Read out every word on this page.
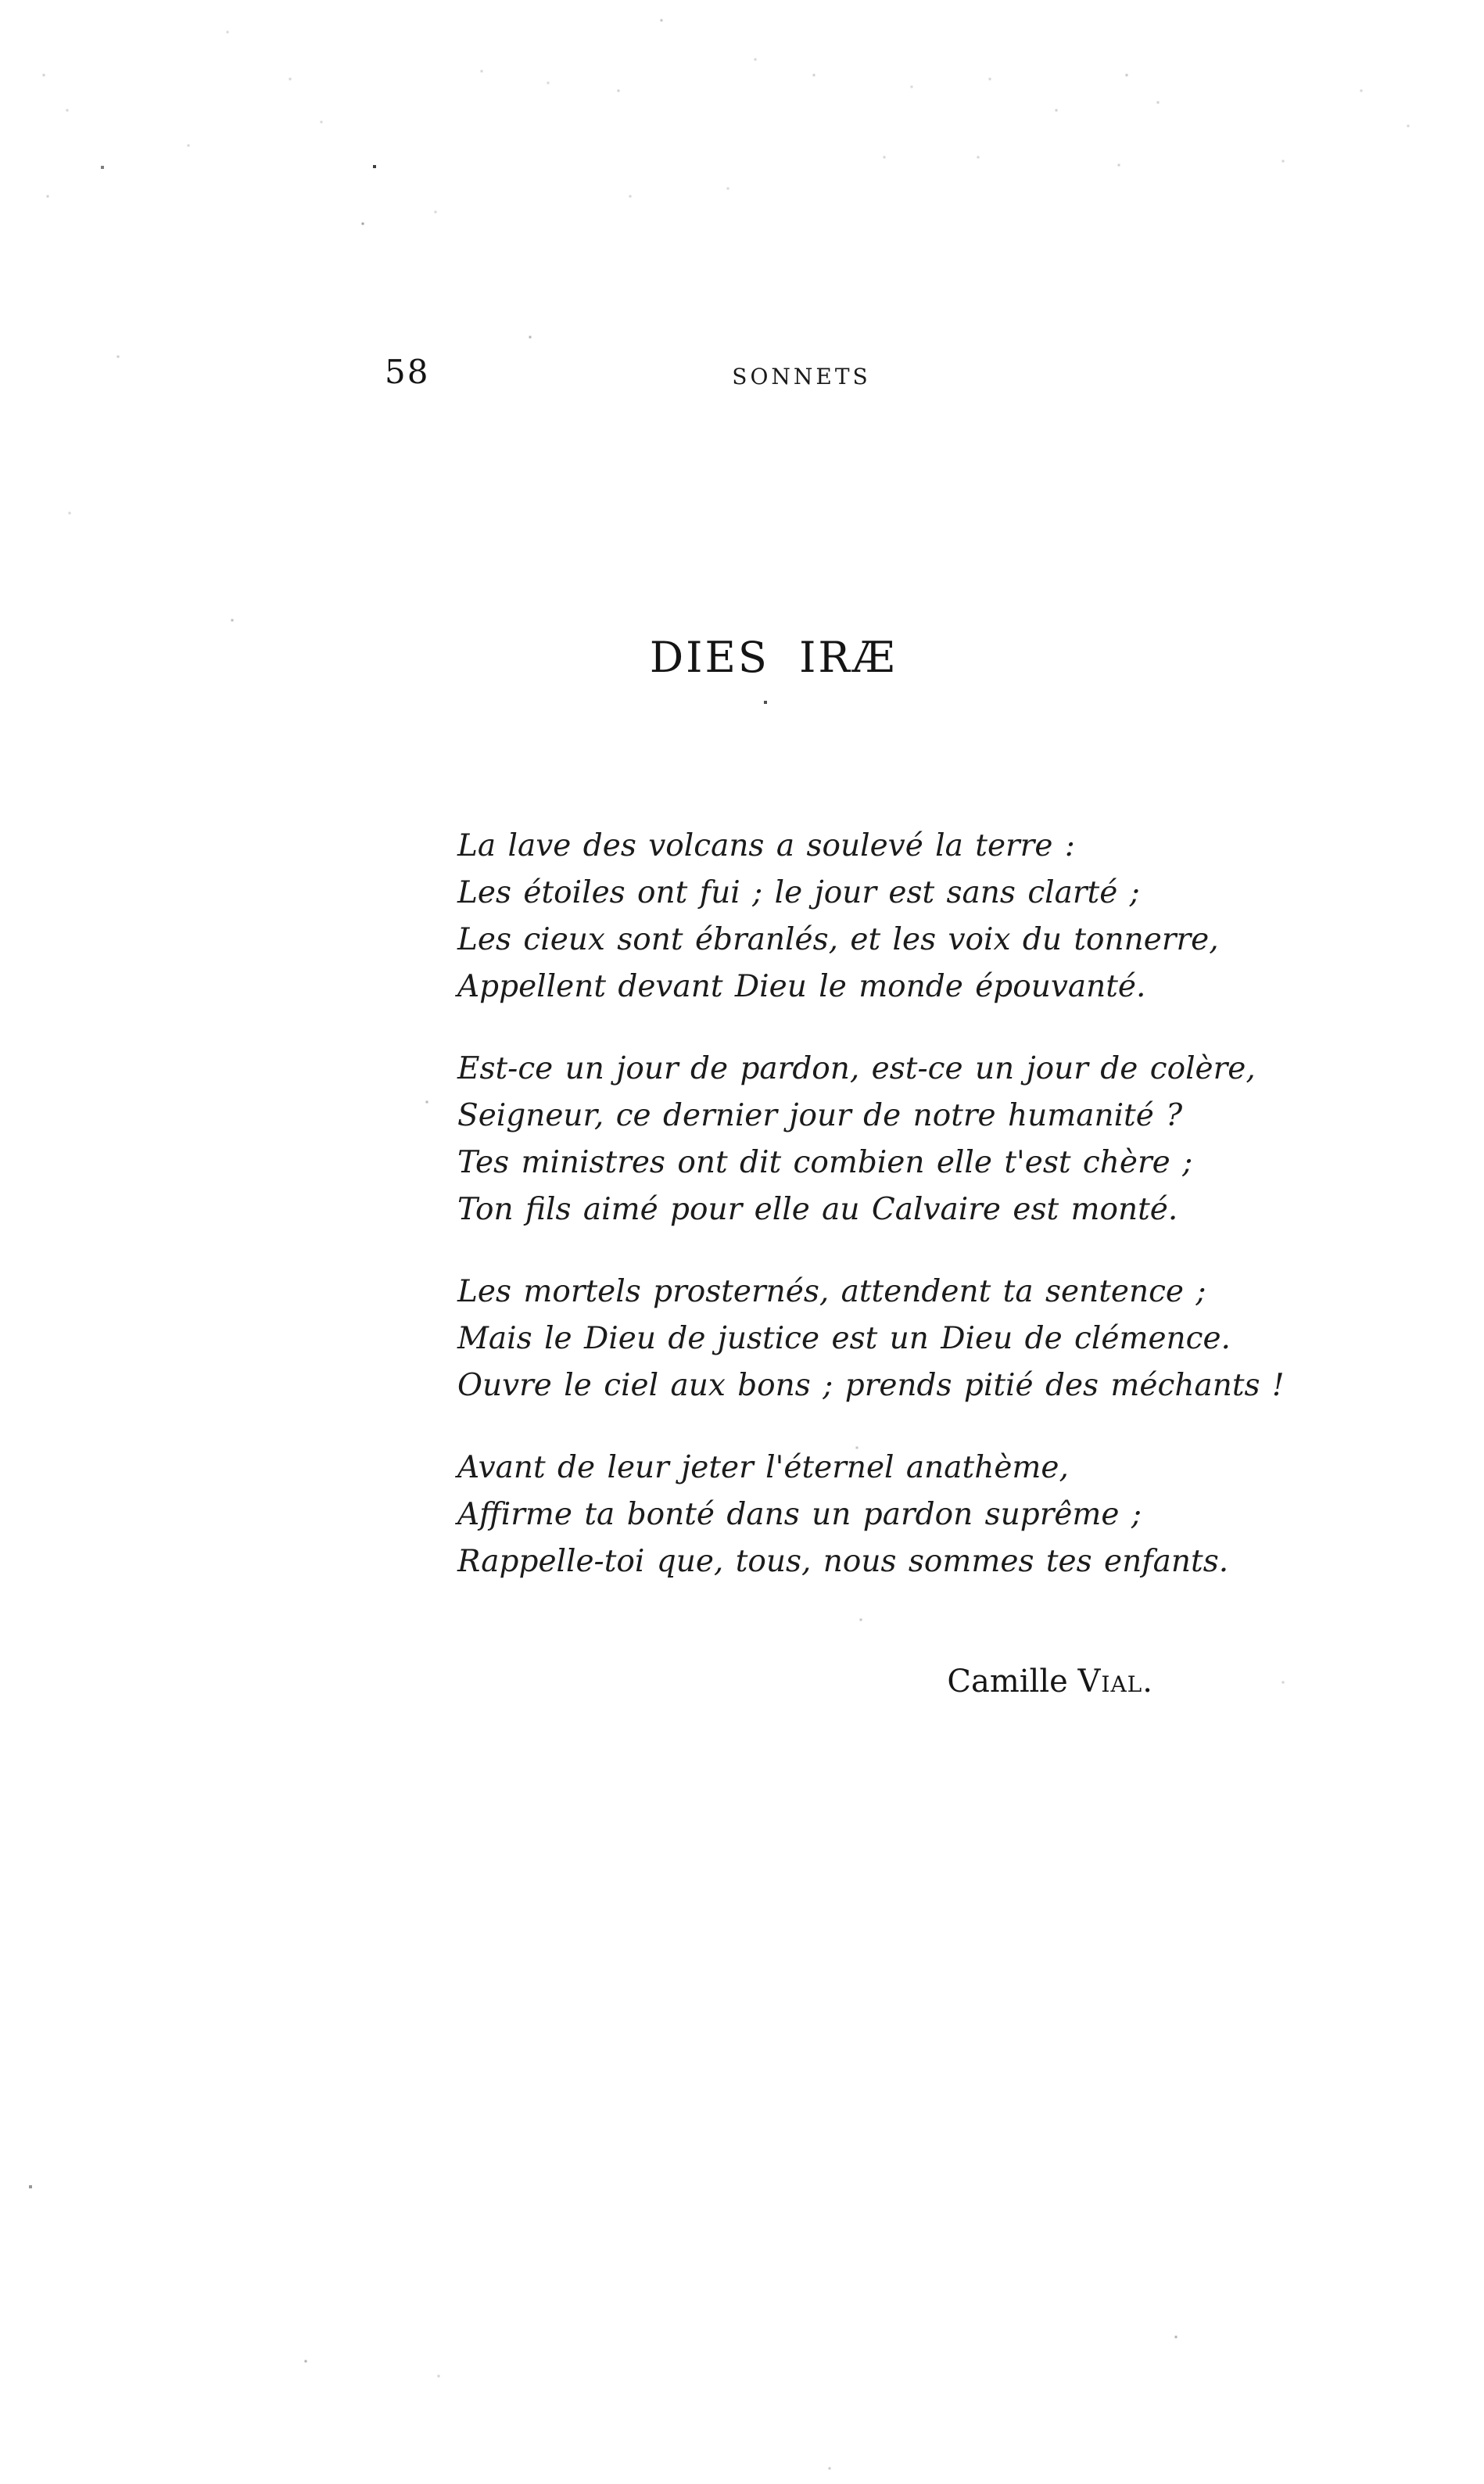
58	SONNETS
DIES IRÆ
La lave des volcans a soulevé la terre :
Les étoiles ont fui ; le jour est sans clarté ;
Les cieux sont ébranlés, et les voix du tonnerre,
Appellent devant Dieu le monde épouvanté.
Est-ce un jour de pardon, est-ce un jour de colère,
Seigneur, ce dernier jour de notre humanité ?
Tes ministres ont dit combien elle t'est chère ;
Ton fils aimé pour elle au Calvaire est monté.
Les mortels prosternés, attendent ta sentence ;
Mais le Dieu de justice est un Dieu de clémence.
Ouvre le ciel aux bons ; prends pitié des méchants !
Avant de leur jeter l'éternel anathème,
Affirme ta bonté dans un pardon suprême ;
Rappelle-toi que, tous, nous sommes tes enfants.
Camille Vial.
